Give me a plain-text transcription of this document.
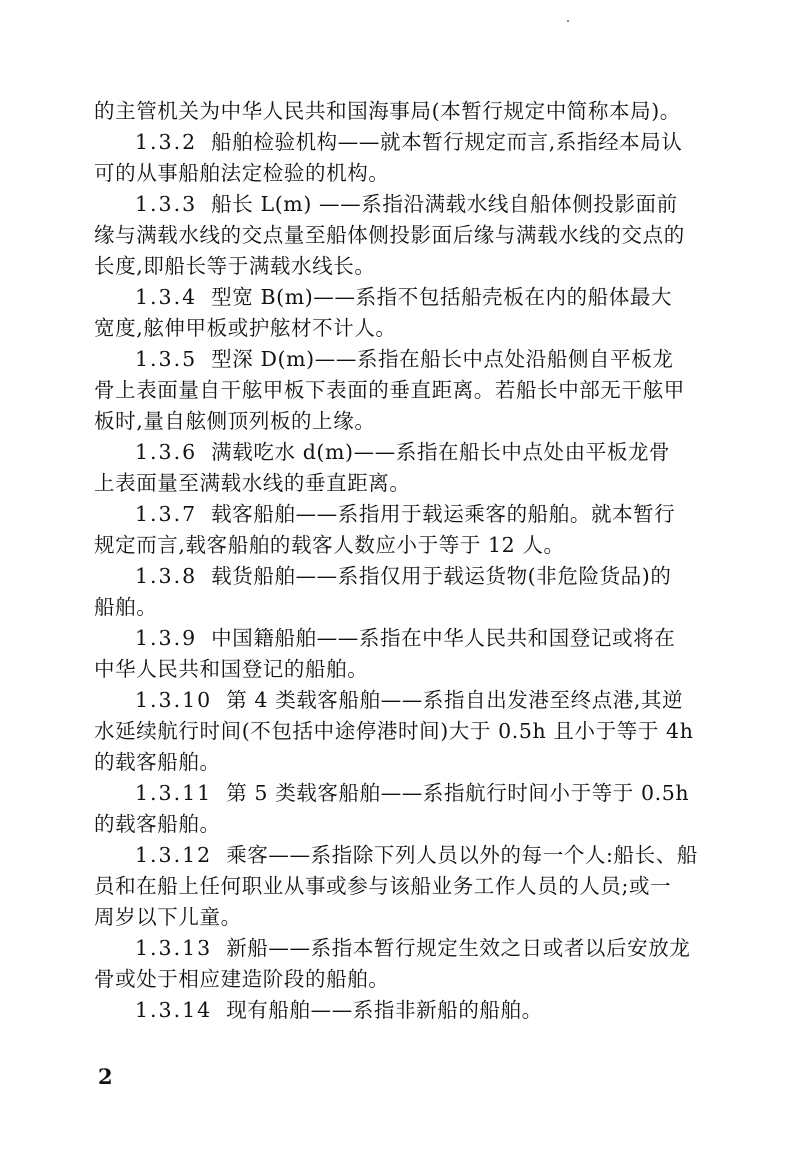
的主管机关为中华人民共和国海事局(本暂行规定中简称本局)。
1.3.2 船舶检验机构——就本暂行规定而言,系指经本局认
可的从事船舶法定检验的机构。
1.3.3 船长 L(m) ——系指沿满载水线自船体侧投影面前
缘与满载水线的交点量至船体侧投影面后缘与满载水线的交点的
长度,即船长等于满载水线长。
1.3.4 型宽 B(m)——系指不包括船壳板在内的船体最大
宽度,舷伸甲板或护舷材不计人。
1.3.5 型深 D(m)——系指在船长中点处沿船侧自平板龙
骨上表面量自干舷甲板下表面的垂直距离。若船长中部无干舷甲
板时,量自舷侧顶列板的上缘。
1.3.6 满载吃水 d(m)——系指在船长中点处由平板龙骨
上表面量至满载水线的垂直距离。
1.3.7 载客船舶——系指用于载运乘客的船舶。就本暂行
规定而言,载客船舶的载客人数应小于等于 12 人。
1.3.8 载货船舶——系指仅用于载运货物(非危险货品)的
船舶。
1.3.9 中国籍船舶——系指在中华人民共和国登记或将在
中华人民共和国登记的船舶。
1.3.10 第 4 类载客船舶——系指自出发港至终点港,其逆
水延续航行时间(不包括中途停港时间)大于 0.5h 且小于等于 4h
的载客船舶。
1.3.11 第 5 类载客船舶——系指航行时间小于等于 0.5h
的载客船舶。
1.3.12 乘客——系指除下列人员以外的每一个人:船长、船
员和在船上任何职业从事或参与该船业务工作人员的人员;或一
周岁以下儿童。
1.3.13 新船——系指本暂行规定生效之日或者以后安放龙
骨或处于相应建造阶段的船舶。
1.3.14 现有船舶——系指非新船的船舶。
2
